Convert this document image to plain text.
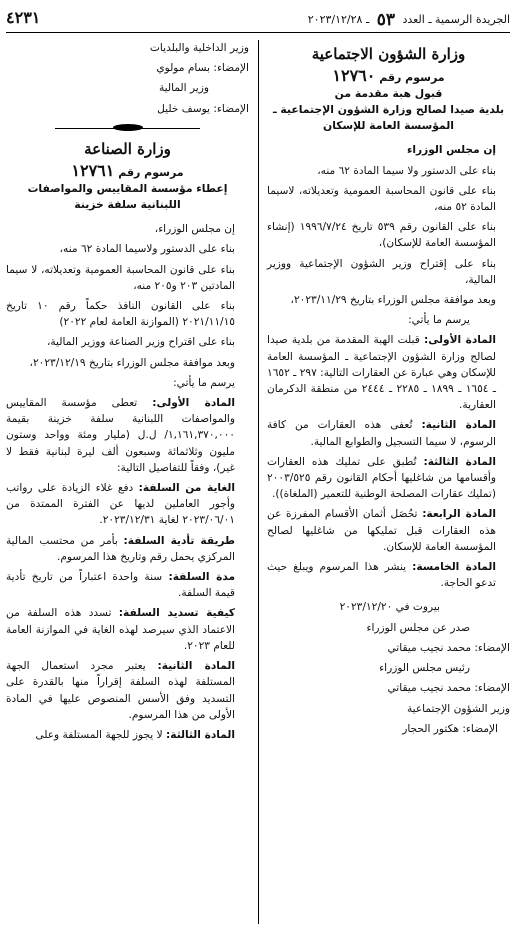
الجريدة الرسمية ـ العدد ٥٣ ـ ٢٠٢٣/١٢/٢٨
٤٢٣١
وزارة الشؤون الاجتماعية
مرسوم رقم ١٢٧٦٠
قبول هبة مقدمة من
بلدية صيدا لصالح وزارة الشؤون الإجتماعية ـ
المؤسسة العامة للإسكان

إن مجلس الوزراء

بناء على الدستور ولا سيما المادة ٦٢ منه،

بناء على قانون المحاسبة العمومية وتعديلاته، لاسيما المادة ٥٢ منه،

بناء على القانون رقم ٥٣٩ تاريخ ١٩٩٦/٧/٢٤ (إنشاء المؤسسة العامة للإسكان)،

بناء على إقتراح وزير الشؤون الإجتماعية ووزير المالية،

وبعد موافقة مجلس الوزراء بتاريخ ٢٠٢٣/١١/٢٩،

يرسم ما يأتي:

المادة الأولى: قبلت الهبة المقدمة من بلدية صيدا لصالح وزارة الشؤون الإجتماعية ـ المؤسسة العامة للإسكان وهي عبارة عن العقارات التالية: ٢٩٧ ـ ١٦٥٢ ـ ١٦٥٤ ـ ١٨٩٩ ـ ٢٢٨٥ ـ ٢٤٤٤ من منطقة الدكرمان العقارية.

المادة الثانية: تُعفى هذه العقارات من كافة الرسوم، لا سيما التسجيل والطوابع المالية.

المادة الثالثة: تُطبق على تمليك هذه العقارات وأقسامها من شاغليها أحكام القانون رقم ٢٠٠٣/٥٢٥ (تمليك عقارات المصلحة الوطنية للتعمير (الملغاة)).

المادة الرابعة: تحُصَل أثمان الأقسام المفرزة عن هذه العقارات قبل تمليكها من شاغليها لصالح المؤسسة العامة للإسكان.

المادة الخامسة: ينشر هذا المرسوم ويبلغ حيث تدعو الحاجة.

بيروت في ٢٠٢٣/١٢/٢٠

صدر عن مجلس الوزراء

الإمضاء: محمد نجيب ميقاتي

رئيس مجلس الوزراء

الإمضاء: محمد نجيب ميقاتي

وزير الشؤون الإجتماعية

الإمضاء: هكتور الحجار

وزير الداخلية والبلديات

الإمضاء: بسام مولوي

وزير المالية

الإمضاء: يوسف خليل

وزارة الصناعة
مرسوم رقم ١٢٧٦١
إعطاء مؤسسة المقاييس والمواصفات
اللبنانية سلفة خزينة

إن مجلس الوزراء،

بناء على الدستور ولاسيما المادة ٦٢ منه،

بناء على قانون المحاسبة العمومية وتعديلاته، لا سيما المادتين ٢٠٣ و٢٠٥ منه،

بناء على القانون النافذ حكماً رقم ١٠ تاريخ ٢٠٢١/١١/١٥ (الموازنة العامة لعام ٢٠٢٢)

بناء على اقتراح وزير الصناعة ووزير المالية،

وبعد موافقة مجلس الوزراء بتاريخ ٢٠٢٣/١٢/١٩،

يرسم ما يأتي:

المادة الأولى: تعطى مؤسسة المقاييس والمواصفات اللبنانية سلفة خزينة بقيمة ١,١٦١,٣٧٠,٠٠٠/ ل.ل (مليار ومئة وواحد وستون مليون وثلاثمائة وسبعون ألف ليرة لبنانية فقط لا غير)، وفقاً للتفاصيل التالية:

الغاية من السلفة: دفع غلاء الزيادة على رواتب وأجور العاملين لديها عن الفترة الممتدة من ٢٠٢٣/٠٦/٠١ لغاية ٢٠٢٣/١٢/٣١.

طريقة تأدية السلفة: بأمر من محتسب المالية المركزي يحمل رقم وتاريخ هذا المرسوم.

مدة السلفة: سنة واحدة اعتباراً من تاريخ تأدية قيمة السلفة.

كيفية تسديد السلفة: تسدد هذه السلفة من الاعتماد الذي سيرصد لهذه الغاية في الموازنة العامة للعام ٢٠٢٣.

المادة الثانية: يعتبر مجرد استعمال الجهة المستلفة لهذه السلفة إقراراً منها بالقدرة على التسديد وفق الأسس المنصوص عليها في المادة الأولى من هذا المرسوم.

المادة الثالثة: لا يجوز للجهة المستلفة وعلى
